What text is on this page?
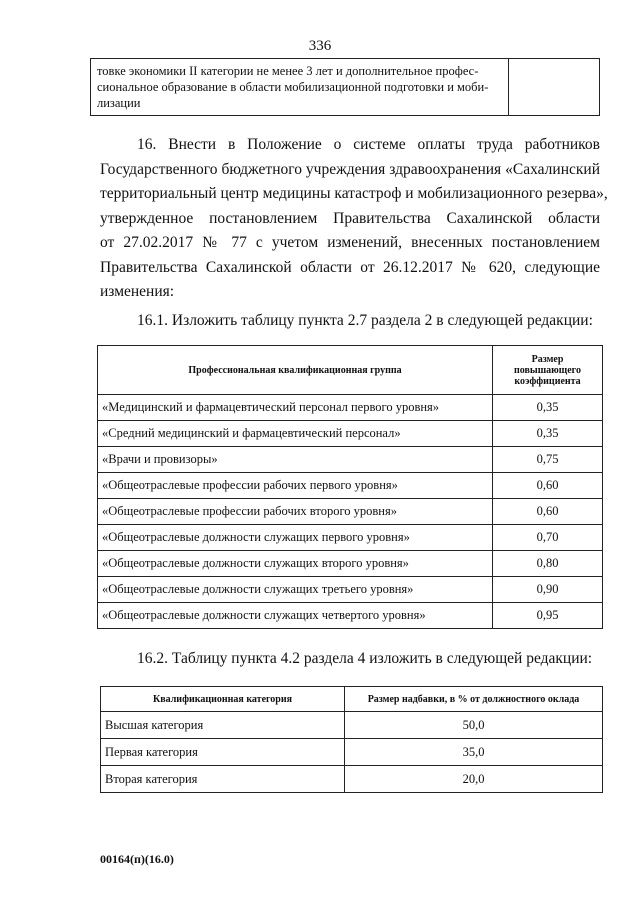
336
товке экономики II категории не менее 3 лет и дополнительное профес-
сиональное образование в области мобилизационной подготовки и моби-
лизации
16. Внести в Положение о системе оплаты труда работников
Государственного бюджетного учреждения здравоохранения «Сахалинский
территориальный центр медицины катастроф и мобилизационного резерва»,
утвержденное постановлением Правительства Сахалинской области
от 27.02.2017 № 77 с учетом изменений, внесенных постановлением
Правительства Сахалинской области от 26.12.2017 № 620, следующие
изменения:
16.1. Изложить таблицу пункта 2.7 раздела 2 в следующей редакции:
Профессиональная квалификационная группа	Размер
повышающего
коэффициента

«Медицинский и фармацевтический персонал первого уровня»	0,35
«Средний медицинский и фармацевтический персонал»	0,35
«Врачи и провизоры»	0,75
«Общеотраслевые профессии рабочих первого уровня»	0,60
«Общеотраслевые профессии рабочих второго уровня»	0,60
«Общеотраслевые должности служащих первого уровня»	0,70
«Общеотраслевые должности служащих второго уровня»	0,80
«Общеотраслевые должности служащих третьего уровня»	0,90
«Общеотраслевые должности служащих четвертого уровня»	0,95
16.2. Таблицу пункта 4.2 раздела 4 изложить в следующей редакции:
Квалификационная категория	Размер надбавки, в % от должностного оклада
Высшая категория	50,0
Первая категория	35,0
Вторая категория	20,0
00164(п)(16.0)
